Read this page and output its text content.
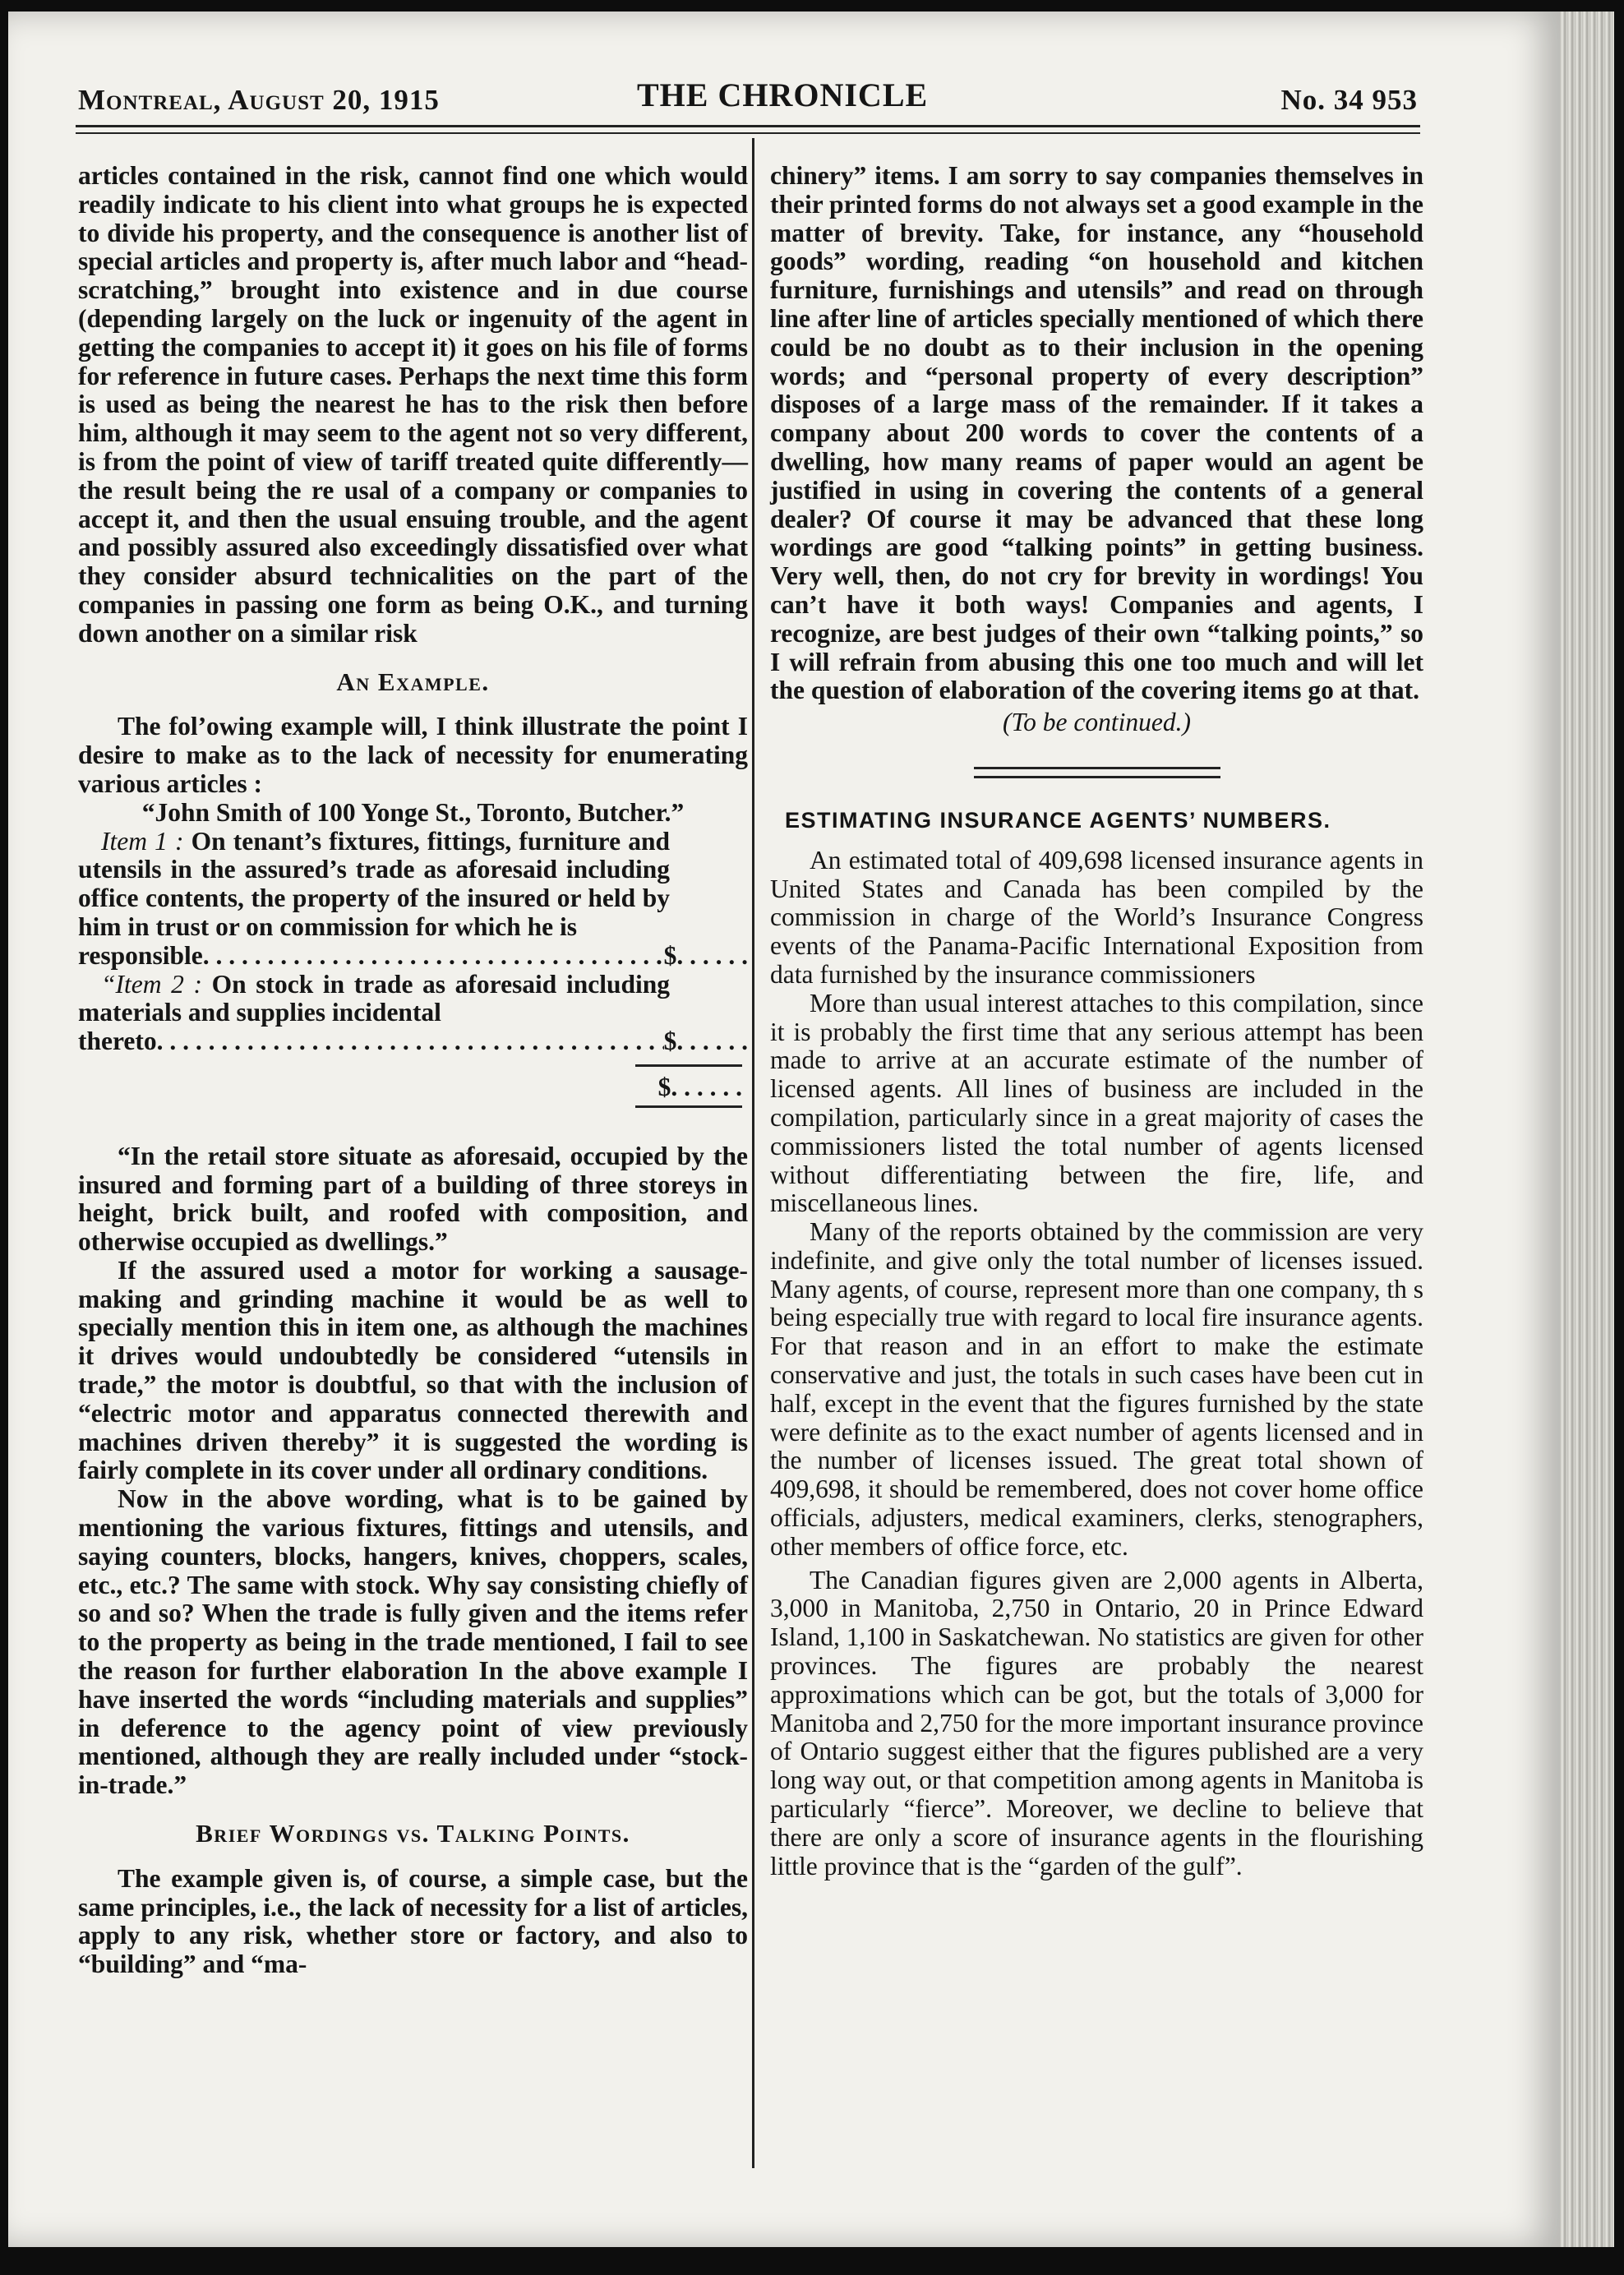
Montreal, August 20, 1915	THE CHRONICLE	No. 34 953

articles contained in the risk, cannot find one which would readily indicate to his client into what groups he is expected to divide his property, and the consequence is another list of special articles and property is, after much labor and “head-scratching,” brought into existence and in due course (depending largely on the luck or ingenuity of the agent in getting the companies to accept it) it goes on his file of forms for reference in future cases. Perhaps the next time this form is used as being the nearest he has to the risk then before him, although it may seem to the agent not so very different, is from the point of view of tariff treated quite differently—the result being the re usal of a company or companies to accept it, and then the usual ensuing trouble, and the agent and possibly assured also exceedingly dissatisfied over what they consider absurd technicalities on the part of the companies in passing one form as being O.K., and turning down another on a similar risk

An Example.

The fol’owing example will, I think illustrate the point I desire to make as to the lack of necessity for enumerating various articles :

“John Smith of 100 Yonge St., Toronto, Butcher.”

Item 1 : On tenant’s fixtures, fittings, furniture and utensils in the assured’s trade as aforesaid including office contents, the property of the insured or held by him in trust or on commission for which he is
responsible . . .	$. . . . . .
“Item 2 : On stock in trade as aforesaid including materials and supplies incidental
thereto . . .	$. . . . . .

$. . . . . .

“In the retail store situate as aforesaid, occupied by the insured and forming part of a building of three storeys in height, brick built, and roofed with composition, and otherwise occupied as dwellings.”

If the assured used a motor for working a sausage-making and grinding machine it would be as well to specially mention this in item one, as although the machines it drives would undoubtedly be considered “utensils in trade,” the motor is doubtful, so that with the inclusion of “electric motor and apparatus connected therewith and machines driven thereby” it is suggested the wording is fairly complete in its cover under all ordinary conditions.

Now in the above wording, what is to be gained by mentioning the various fixtures, fittings and utensils, and saying counters, blocks, hangers, knives, choppers, scales, etc., etc.? The same with stock. Why say consisting chiefly of so and so? When the trade is fully given and the items refer to the property as being in the trade mentioned, I fail to see the reason for further elaboration In the above example I have inserted the words “including materials and supplies” in deference to the agency point of view previously mentioned, although they are really included under “stock-in-trade.”

Brief Wordings vs. Talking Points.

The example given is, of course, a simple case, but the same principles, i.e., the lack of necessity for a list of articles, apply to any risk, whether store or factory, and also to “building” and “ma-

chinery” items. I am sorry to say companies themselves in their printed forms do not always set a good example in the matter of brevity. Take, for instance, any “household goods” wording, reading “on household and kitchen furniture, furnishings and utensils” and read on through line after line of articles specially mentioned of which there could be no doubt as to their inclusion in the opening words; and “personal property of every description” disposes of a large mass of the remainder. If it takes a company about 200 words to cover the contents of a dwelling, how many reams of paper would an agent be justified in using in covering the contents of a general dealer? Of course it may be advanced that these long wordings are good “talking points” in getting business. Very well, then, do not cry for brevity in wordings! You can’t have it both ways! Companies and agents, I recognize, are best judges of their own “talking points,” so I will refrain from abusing this one too much and will let the question of elaboration of the covering items go at that.

(To be continued.)

ESTIMATING INSURANCE AGENTS’ NUMBERS.

An estimated total of 409,698 licensed insurance agents in United States and Canada has been compiled by the commission in charge of the World’s Insurance Congress events of the Panama-Pacific International Exposition from data furnished by the insurance commissioners

More than usual interest attaches to this compilation, since it is probably the first time that any serious attempt has been made to arrive at an accurate estimate of the number of licensed agents. All lines of business are included in the compilation, particularly since in a great majority of cases the commissioners listed the total number of agents licensed without differentiating between the fire, life, and miscellaneous lines.

Many of the reports obtained by the commission are very indefinite, and give only the total number of licenses issued. Many agents, of course, represent more than one company, th s being especially true with regard to local fire insurance agents. For that reason and in an effort to make the estimate conservative and just, the totals in such cases have been cut in half, except in the event that the figures furnished by the state were definite as to the exact number of agents licensed and in the number of licenses issued. The great total shown of 409,698, it should be remembered, does not cover home office officials, adjusters, medical examiners, clerks, stenographers, other members of office force, etc.

The Canadian figures given are 2,000 agents in Alberta, 3,000 in Manitoba, 2,750 in Ontario, 20 in Prince Edward Island, 1,100 in Saskatchewan. No statistics are given for other provinces. The figures are probably the nearest approximations which can be got, but the totals of 3,000 for Manitoba and 2,750 for the more important insurance province of Ontario suggest either that the figures published are a very long way out, or that competition among agents in Manitoba is particularly “fierce”. Moreover, we decline to believe that there are only a score of insurance agents in the flourishing little province that is the “garden of the gulf”.
